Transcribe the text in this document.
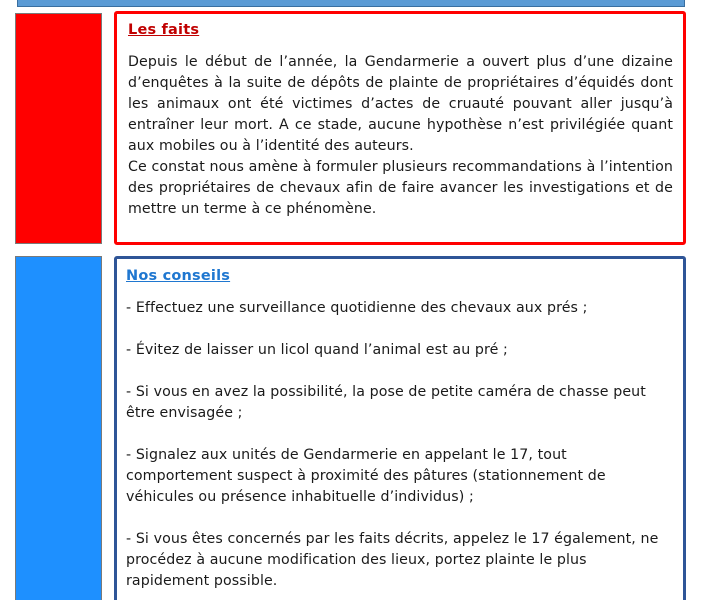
Les faits

Depuis le début de l’année, la Gendarmerie a ouvert plus d’une dizaine d’enquêtes à la suite de dépôts de plainte de propriétaires d’équidés dont les animaux ont été victimes d’actes de cruauté pouvant aller jusqu’à entraîner leur mort. A ce stade, aucune hypothèse n’est privilégiée quant aux mobiles ou à l’identité des auteurs.

Ce constat nous amène à formuler plusieurs recommandations à l’intention des propriétaires de chevaux afin de faire avancer les investigations et de mettre un terme à ce phénomène.

Nos conseils

- Effectuez une surveillance quotidienne des chevaux aux prés ;

- Évitez de laisser un licol quand l’animal est au pré ;

- Si vous en avez la possibilité, la pose de petite caméra de chasse peut être envisagée ;

- Signalez aux unités de Gendarmerie en appelant le 17, tout comportement suspect à proximité des pâtures (stationnement de véhicules ou présence inhabituelle d’individus) ;

- Si vous êtes concernés par les faits décrits, appelez le 17 également, ne procédez à aucune modification des lieux, portez plainte le plus rapidement possible.
